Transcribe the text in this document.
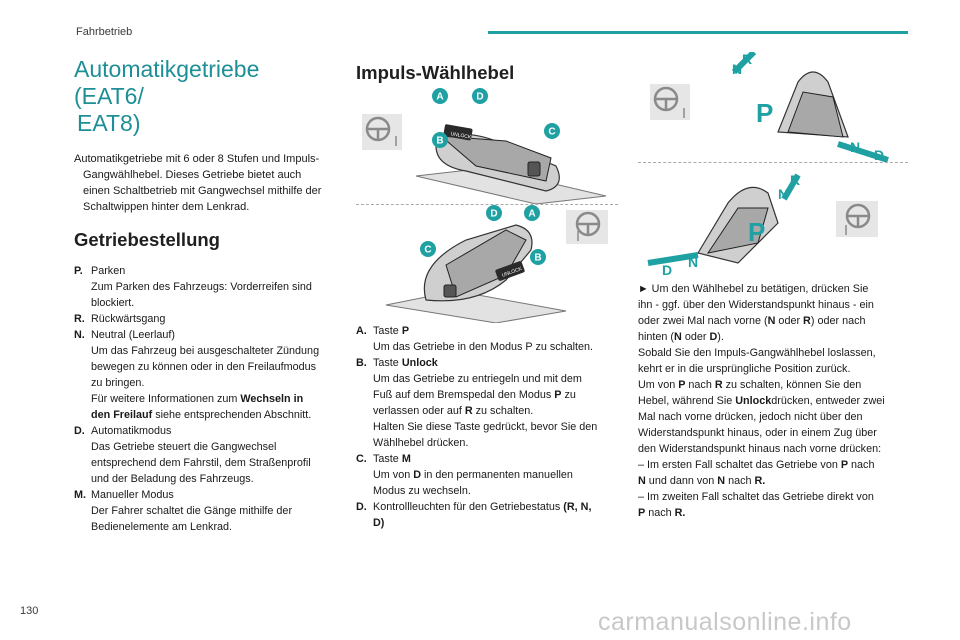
Fahrbetrieb
Automatikgetriebe (EAT6/
EAT8)
Automatikgetriebe mit 6 oder 8 Stufen und Impuls-
Gangwählhebel. Dieses Getriebe bietet auch
einen Schaltbetrieb mit Gangwechsel mithilfe der
Schaltwippen hinter dem Lenkrad.
Getriebestellung
P. Parken
Zum Parken des Fahrzeugs: Vorderreifen sind
blockiert.
R. Rückwärtsgang
N. Neutral (Leerlauf)
Um das Fahrzeug bei ausgeschalteter Zündung
bewegen zu können oder in den Freilaufmodus
zu bringen.
Für weitere Informationen zum Wechseln in
den Freilauf siehe entsprechenden Abschnitt.
D. Automatikmodus
Das Getriebe steuert die Gangwechsel
entsprechend dem Fahrstil, dem Straßenprofil
und der Beladung des Fahrzeugs.
M. Manueller Modus
Der Fahrer schaltet die Gänge mithilfe der
Bedienelemente am Lenkrad.
Impuls-Wählhebel
UNLOCK
A	D
C
B
UNLOCK
D	A
C
B
A. Taste P
Um das Getriebe in den Modus P zu schalten.
B. Taste Unlock
Um das Getriebe zu entriegeln und mit dem
Fuß auf dem Bremspedal den Modus P zu
verlassen oder auf R zu schalten.
Halten Sie diese Taste gedrückt, bevor Sie den
Wählhebel drücken.
C. Taste M
Um von D in den permanenten manuellen
Modus zu wechseln.
D. Kontrollleuchten für den Getriebestatus (R, N,
D)
P
N
R
N D
P
N
R
N
D
► Um den Wählhebel zu betätigen, drücken Sie
ihn - ggf. über den Widerstandspunkt hinaus - ein
oder zwei Mal nach vorne (N oder R) oder nach
hinten (N oder D).
Sobald Sie den Impuls-Gangwählhebel loslassen,
kehrt er in die ursprüngliche Position zurück.
Um von P nach R zu schalten, können Sie den
Hebel, während Sie Unlockdrücken, entweder zwei
Mal nach vorne drücken, jedoch nicht über den
Widerstandspunkt hinaus, oder in einem Zug über
den Widerstandspunkt hinaus nach vorne drücken:
– Im ersten Fall schaltet das Getriebe von P nach
N und dann von N nach R.
– Im zweiten Fall schaltet das Getriebe direkt von
P nach R.
130	carmanualsonline.info
